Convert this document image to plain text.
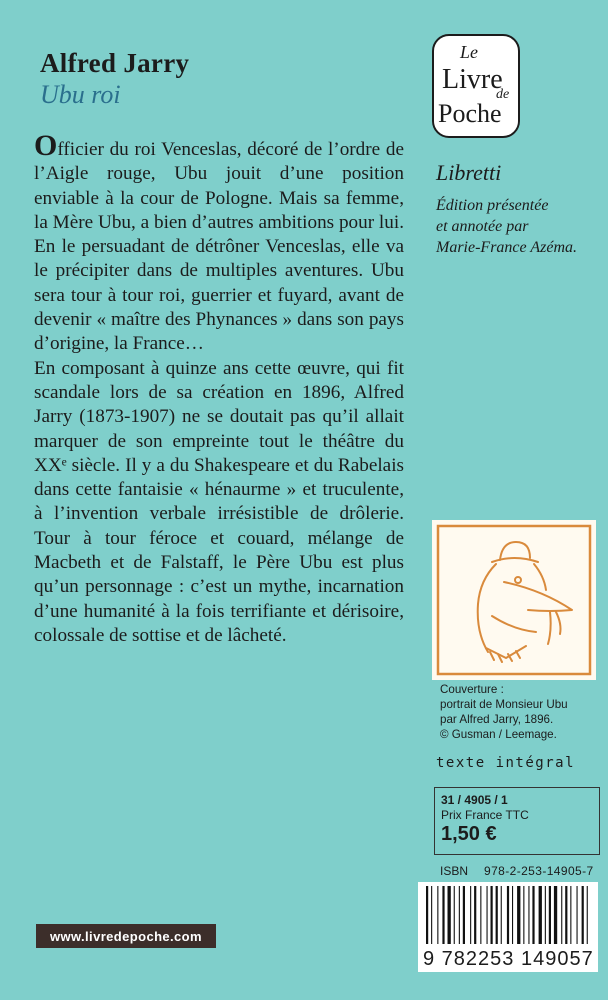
Alfred Jarry
Ubu roi

Officier du roi Venceslas, décoré de l’ordre de l’Aigle rouge, Ubu jouit d’une position enviable à la cour de Pologne. Mais sa femme, la Mère Ubu, a bien d’autres ambitions pour lui. En le persuadant de détrôner Venceslas, elle va le précipiter dans de multiples aventures. Ubu sera tour à tour roi, guerrier et fuyard, avant de devenir « maître des Phynances » dans son pays d’origine, la France…

En composant à quinze ans cette œuvre, qui fit scandale lors de sa création en 1896, Alfred Jarry (1873-1907) ne se doutait pas qu’il allait marquer de son empreinte tout le théâtre du XXᵉ siècle. Il y a du Shakespeare et du Rabelais dans cette fantaisie « hénaurme » et truculente, à l’invention verbale irrésistible de drôlerie. Tour à tour féroce et couard, mélange de Macbeth et de Falstaff, le Père Ubu est plus qu’un personnage : c’est un mythe, incarnation d’une humanité à la fois terrifiante et dérisoire, colossale de sottise et de lâcheté.

Le
Livre
de
Poche
Libretti
Édition présentée
et annotée par
Marie-France Azéma.
Couverture :
portrait de Monsieur Ubu
par Alfred Jarry, 1896.
© Gusman / Leemage.
texte intégral
31 / 4905 / 1
Prix France TTC
1,50 €
ISBN 978-2-253-14905-7
9 782253 149057
www.livredepoche.com
